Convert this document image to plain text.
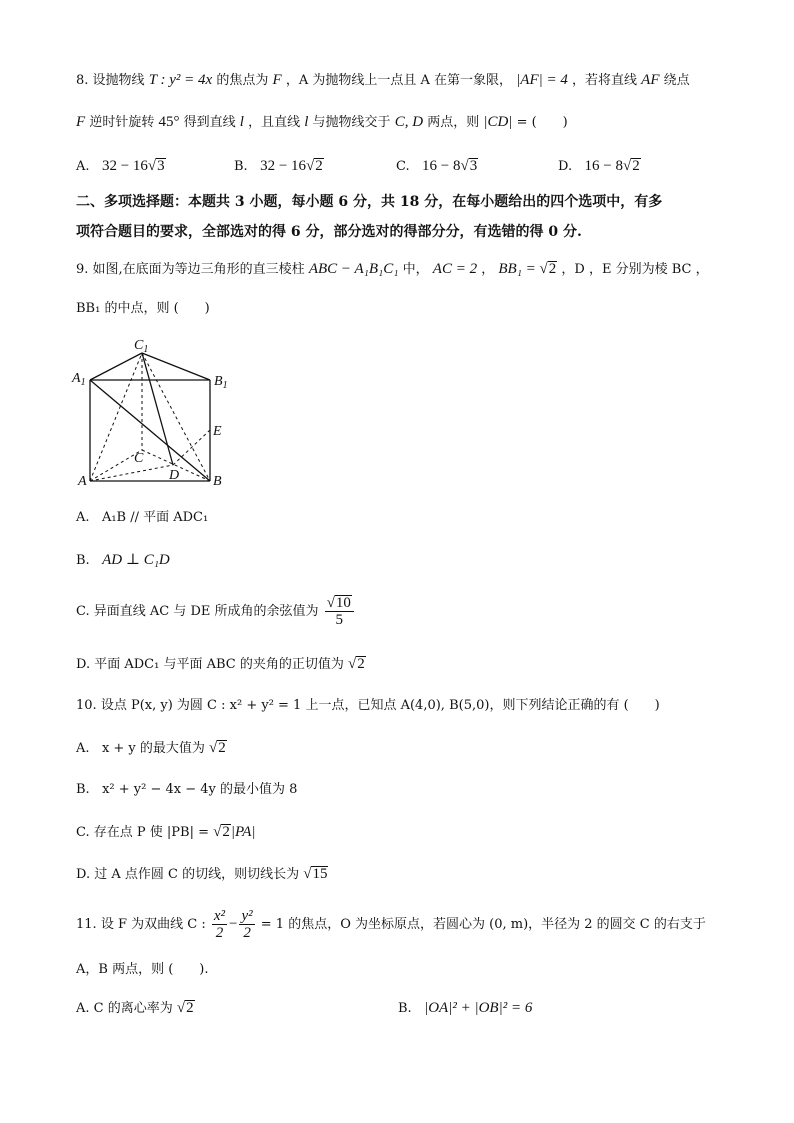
8. 设抛物线 T : y² = 4x 的焦点为 F ，A 为抛物线上一点且 A 在第一象限， |AF| = 4 ，若将直线 AF 绕点
F 逆时针旋转 45° 得到直线 l ，且直线 l 与抛物线交于 C, D 两点，则 |CD| = (　　)
A. 32 − 16√3	B. 32 − 16√2	C. 16 − 8√3	D. 16 − 8√2
二、多项选择题：本题共 3 小题，每小题 6 分，共 18 分，在每小题给出的四个选项中，有多
项符合题目的要求，全部选对的得 6 分，部分选对的得部分分，有选错的得 0 分.
9. 如图,在底面为等边三角形的直三棱柱 ABC − A₁B₁C₁ 中， AC = 2 ， BB₁ = √2 ，D ，E 分别为棱 BC ，
BB₁ 的中点，则 (　　)
$C_1$
$A_1$	$B_1$
E
C
D
A	B
A. A₁B // 平面 ADC₁
B. AD ⊥ C₁D
C. 异面直线 AC 与 DE 所成角的余弦值为 $\frac{√10}{5}$
D. 平面 ADC₁ 与平面 ABC 的夹角的正切值为 √2
10. 设点 P(x, y) 为圆 C : x² + y² = 1 上一点，已知点 A(4,0), B(5,0)，则下列结论正确的有 (　　)
A. x + y 的最大值为 √2
B. x² + y² − 4x − 4y 的最小值为 8
C. 存在点 P 使 |PB| = √2|PA|
D. 过 A 点作圆 C 的切线，则切线长为 √15
11. 设 F 为双曲线 C : $\frac{\text{x²}}{2} - \frac{\text{y²}}{2} = 1$ 的焦点，O 为坐标原点，若圆心为 (0, m)，半径为 2 的圆交 C 的右支于
A，B 两点，则 (　　).
A. C 的离心率为 √2	B. |OA|² + |OB|² = 6
